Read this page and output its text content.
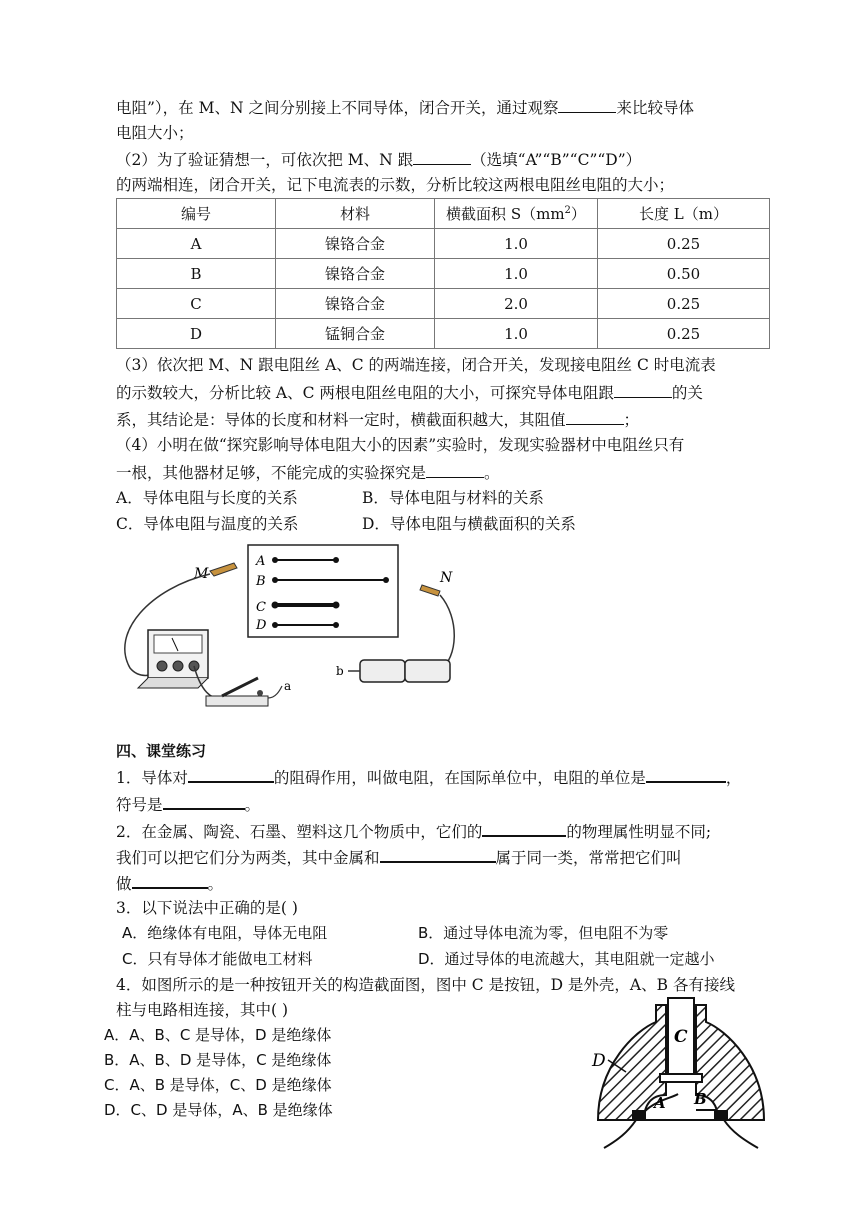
电阻”），在 M、N 之间分别接上不同导体，闭合开关，通过观察	来比较导体
电阻大小；
（2）为了验证猜想一，可依次把 M、N 跟	（选填“A”“B”“C”“D”）
的两端相连，闭合开关，记下电流表的示数，分析比较这两根电阻丝电阻的大小；
编号	材料	横截面积 $S(mm^2)$	长度 L（m）
A	镍铬合金	1.0	0.25
B	镍铬合金	1.0	0.50
C	镍铬合金	2.0	0.25
D	锰铜合金	1.0	0.25
（3）依次把 M、N 跟电阻丝 A、C 的两端连接，闭合开关，发现接电阻丝 C 时电流表
的示数较大，分析比较 A、C 两根电阻丝电阻的大小，可探究导体电阻跟	的关
系，其结论是：导体的长度和材料一定时，横截面积越大，其阻值	；
（4）小明在做“探究影响导体电阻大小的因素”实验时，发现实验器材中电阻丝只有
一根，其他器材足够，不能完成的实验探究是	。
A．导体电阻与长度的关系	B．导体电阻与材料的关系
C．导体电阻与温度的关系	D．导体电阻与横截面积的关系
A
B
C
D
M	N
a
b
四、课堂练习
1．导体对	的阻碍作用，叫做电阻，在国际单位中，电阻的单位是	，
符号是	。
2．在金属、陶瓷、石墨、塑料这几个物质中，它们的	的物理属性明显不同;
我们可以把它们分为两类，其中金属和	属于同一类，常常把它们叫
做	。
3．以下说法中正确的是( )
A．绝缘体有电阻，导体无电阻	B．通过导体电流为零，但电阻不为零
C．只有导体才能做电工材料	D．通过导体的电流越大，其电阻就一定越小
4．如图所示的是一种按钮开关的构造截面图，图中 C 是按钮，D 是外壳，A、B 各有接线
柱与电路相连接，其中( )
A．A、B、C 是导体，D 是绝缘体
B．A、B、D 是导体，C 是绝缘体
C．A、B 是导体，C、D 是绝缘体
D．C、D 是导体，A、B 是绝缘体
C
D
A B
